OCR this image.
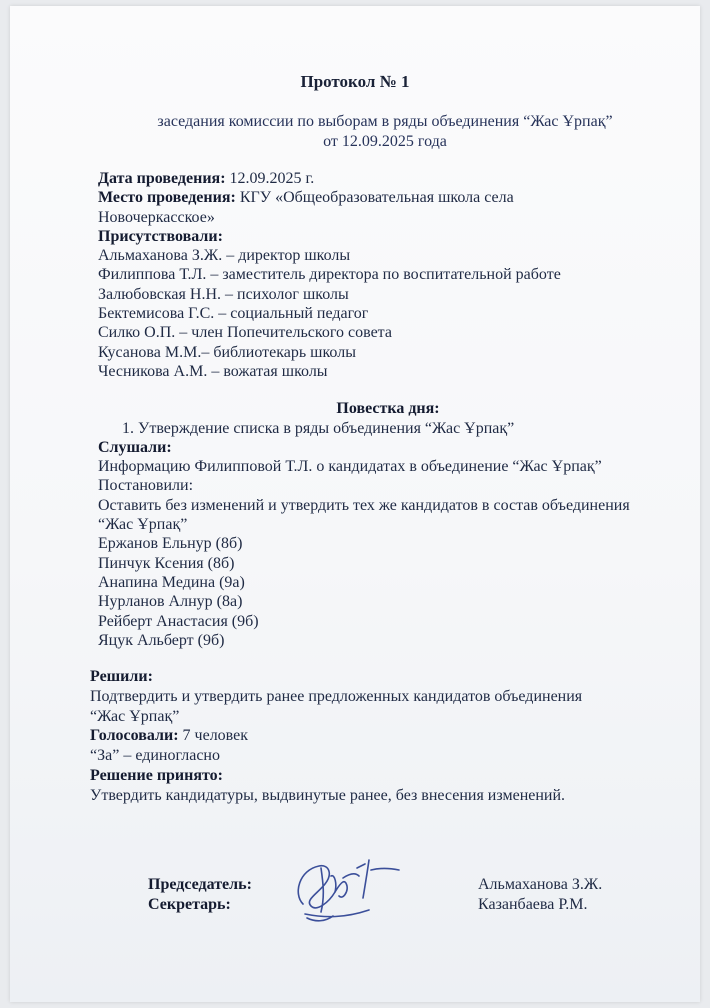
Протокол № 1
заседания комиссии по выборам в ряды объединения “Жас Ұрпақ”
от 12.09.2025 года
Дата проведения: 12.09.2025 г.
Место проведения: КГУ «Общеобразовательная школа села
Новочеркасское»
Присутствовали:
Альмаханова З.Ж. – директор школы
Филиппова Т.Л. – заместитель директора по воспитательной работе
Залюбовская Н.Н. – психолог школы
Бектемисова Г.С. – социальный педагог
Силко О.П. – член Попечительского совета
Кусанова М.М.– библиотекарь школы
Чесникова А.М. – вожатая школы
Повестка дня:
1. Утверждение списка в ряды объединения “Жас Ұрпақ”
Слушали:
Информацию Филипповой Т.Л. о кандидатах в объединение “Жас Ұрпақ”
Постановили:
Оставить без изменений и утвердить тех же кандидатов в состав объединения
“Жас Ұрпақ”
Ержанов Ельнур (8б)
Пинчук Ксения (8б)
Анапина Медина (9а)
Нурланов Алнур (8а)
Рейберт Анастасия (9б)
Яцук Альберт (9б)
Решили:
Подтвердить и утвердить ранее предложенных кандидатов объединения
“Жас Ұрпақ”
Голосовали: 7 человек
“За” – единогласно
Решение принято:
Утвердить кандидатуры, выдвинутые ранее, без внесения изменений.
Председатель:	Альмаханова З.Ж.
Секретарь:	Казанбаева Р.М.
